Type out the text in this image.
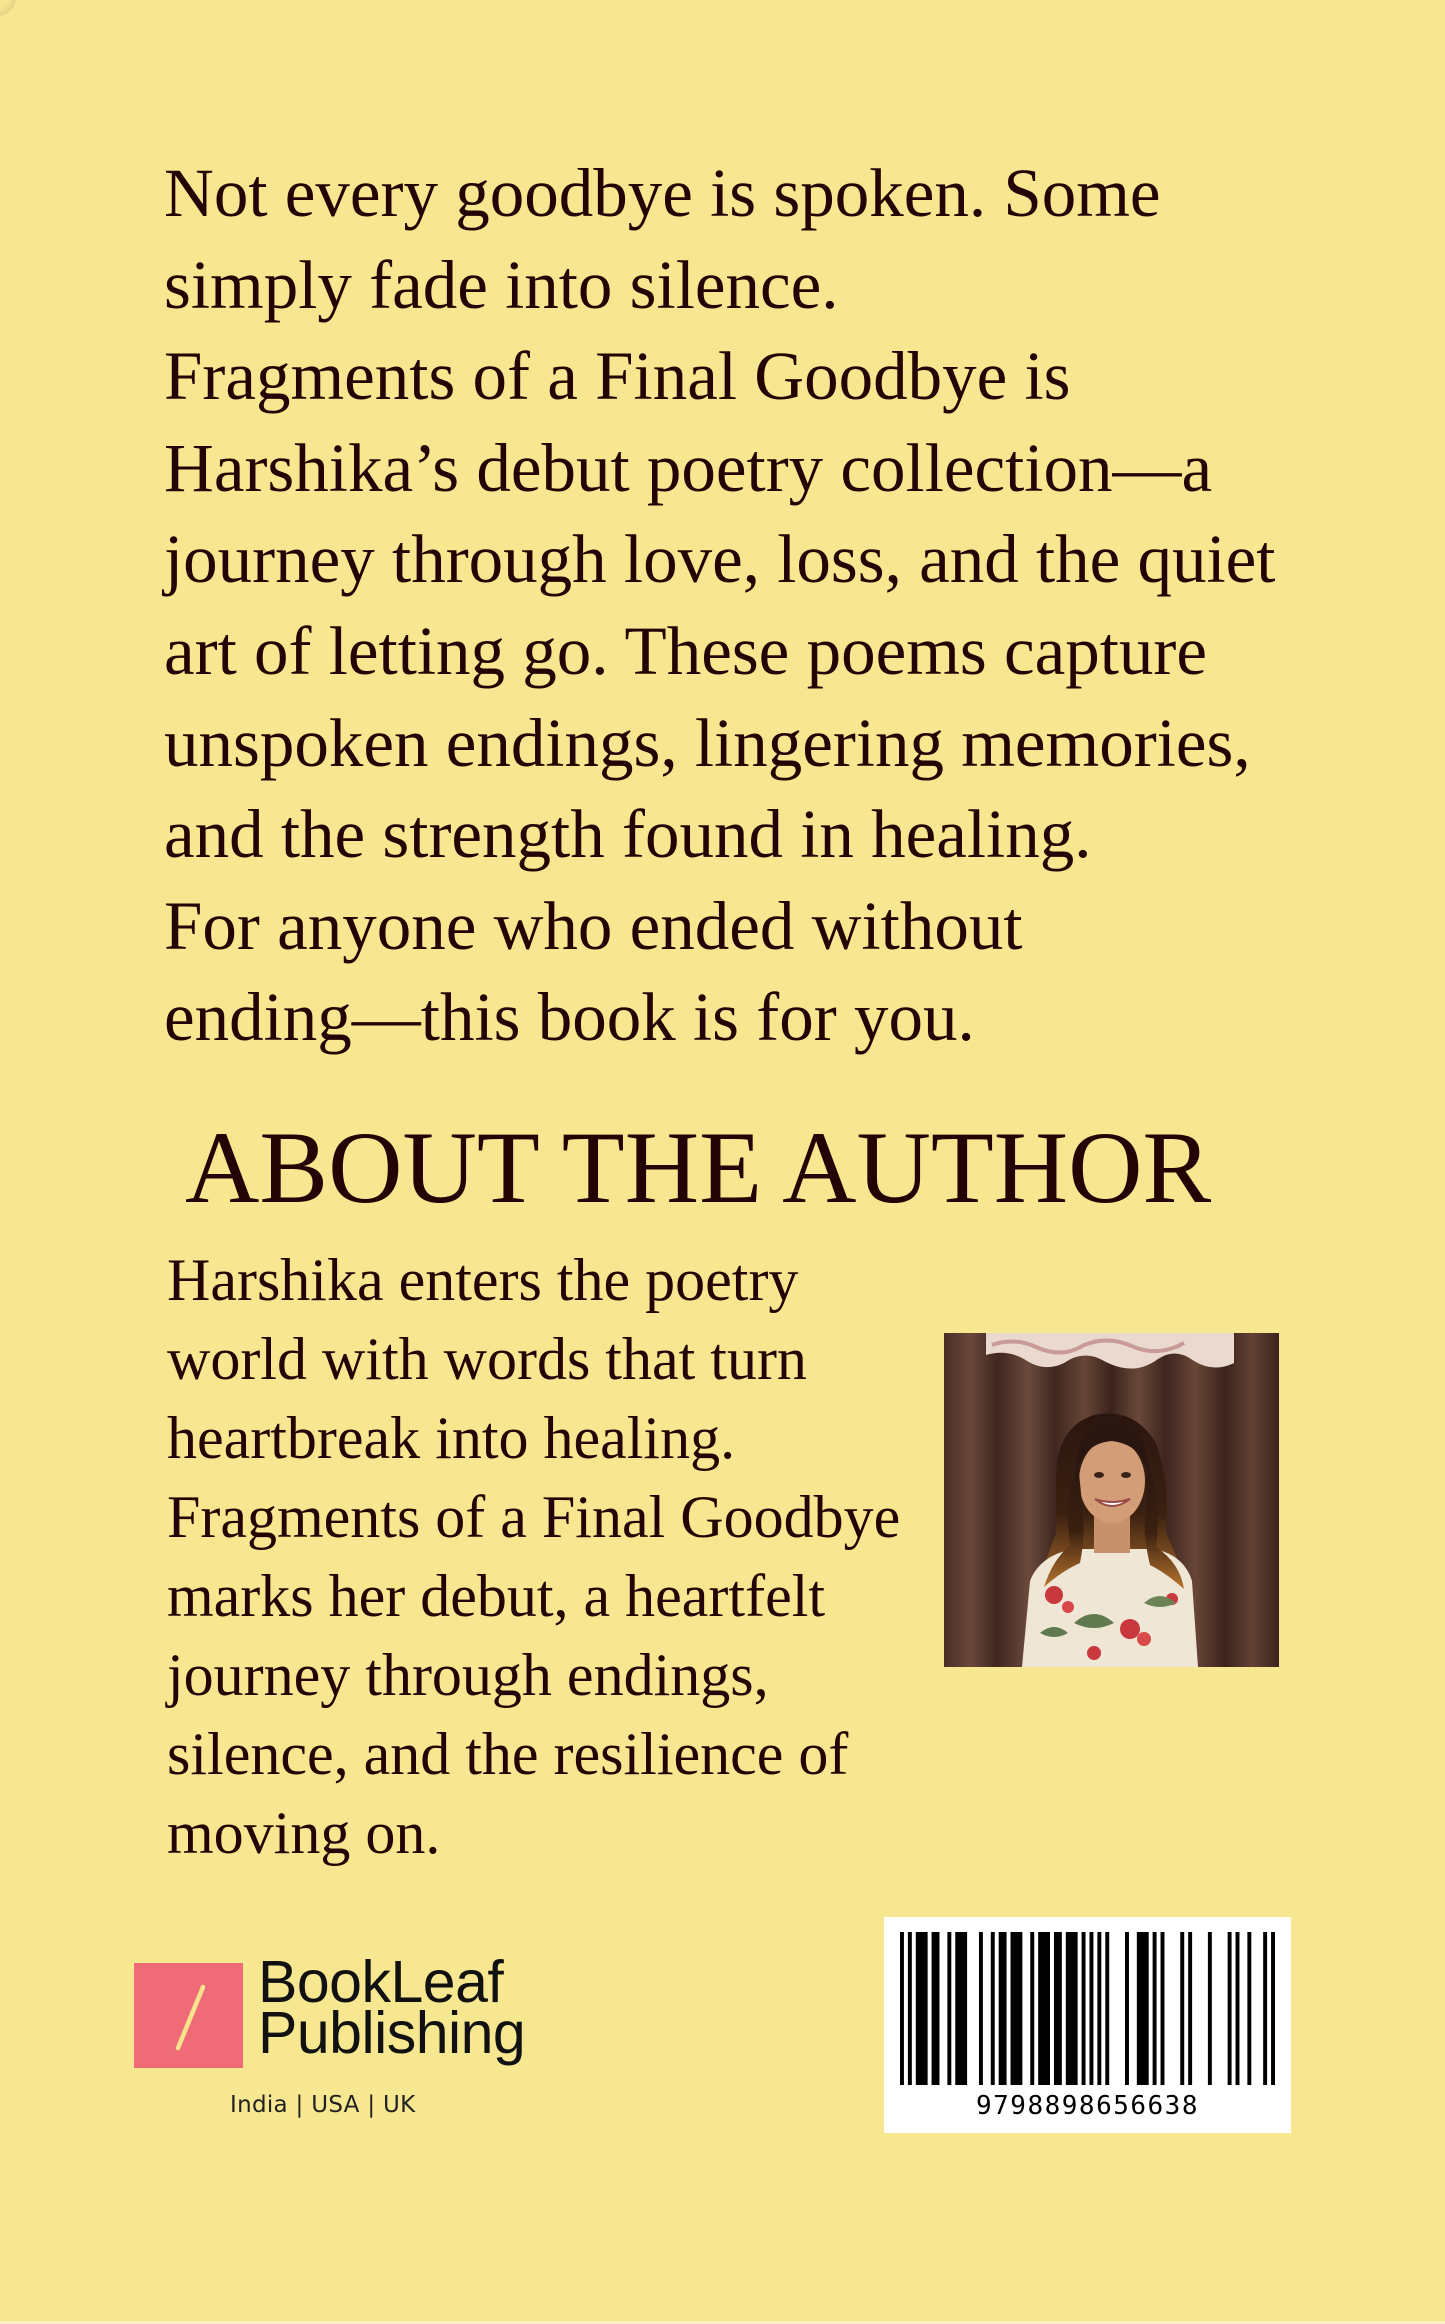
Not every goodbye is spoken. Some
simply fade into silence.
Fragments of a Final Goodbye is
Harshika’s debut poetry collection—a
journey through love, loss, and the quiet
art of letting go. These poems capture
unspoken endings, lingering memories,
and the strength found in healing.
For anyone who ended without
ending—this book is for you.
ABOUT THE AUTHOR
Harshika enters the poetry
world with words that turn
heartbreak into healing.
Fragments of a Final Goodbye
marks her debut, a heartfelt
journey through endings,
silence, and the resilience of
moving on.
BookLeaf
Publishing
India | USA | UK	9798898656638
